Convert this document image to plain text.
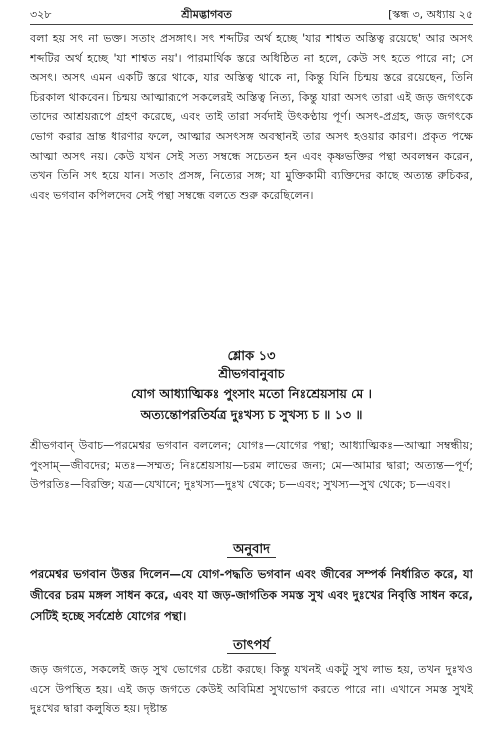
৩২৮	শ্রীমদ্ভাগবত	[স্কন্ধ ৩, অধ্যায় ২৫

বলা হয় সৎ না ভক্ত। সতাং প্রসঙ্গাৎ। সৎ শব্দটির অর্থ হচ্ছে 'যার শাশ্বত অস্তিত্ব রয়েছে' আর অসৎ শব্দটির অর্থ হচ্ছে 'যা শাশ্বত নয়'। পারমার্থিক স্তরে অধিষ্ঠিত না হলে, কেউ সৎ হতে পারে না; সে অসৎ। অসৎ এমন একটি স্তরে থাকে, যার অস্তিত্ব থাকে না, কিন্তু যিনি চিন্ময় স্তরে রয়েছেন, তিনি চিরকাল থাকবেন। চিন্ময় আত্মারূপে সকলেরই অস্তিত্ব নিত্য, কিন্তু যারা অসৎ তারা এই জড় জগৎকে তাদের আশ্রয়রূপে গ্রহণ করেছে, এবং তাই তারা সর্বদাই উৎকণ্ঠায় পূর্ণ। অসৎ-প্রগ্রহ, জড় জগৎকে ভোগ করার ভ্রান্ত ধারণার ফলে, আত্মার অসৎসঙ্গ অবস্থানই তার অসৎ হওয়ার কারণ। প্রকৃত পক্ষে আত্মা অসৎ নয়। কেউ যখন সেই সত্য সম্বন্ধে সচেতন হন এবং কৃষ্ণভক্তির পন্থা অবলম্বন করেন, তখন তিনি সৎ হয়ে যান। সতাং প্রসঙ্গ, নিত্যের সঙ্গ; যা মুক্তিকামী ব্যক্তিদের কাছে অত্যন্ত রুচিকর, এবং ভগবান কপিলদেব সেই পন্থা সম্বন্ধে বলতে শুরু করেছিলেন।

শ্লোক ১৩
শ্রীভগবানুবাচ
যোগ আধ্যাত্মিকঃ পুংসাং মতো নিঃশ্রেয়সায় মে ।
অত্যন্তোপরতির্যত্র দুঃখস্য চ সুখস্য চ ॥ ১৩ ॥

শ্রীভগবান্ উবাচ—পরমেশ্বর ভগবান বললেন; যোগঃ—যোগের পন্থা; আধ্যাত্মিকঃ—আত্মা সম্বন্ধীয়; পুংসাম্—জীবদের; মতঃ—সম্মত; নিঃশ্রেয়সায়—চরম লাভের জন্য; মে—আমার দ্বারা; অত্যন্ত—পূর্ণ; উপরতিঃ—বিরক্তি; যত্র—যেখানে; দুঃখস্য—দুঃখ থেকে; চ—এবং; সুখস্য—সুখ থেকে; চ—এবং।

অনুবাদ

পরমেশ্বর ভগবান উত্তর দিলেন—যে যোগ-পদ্ধতি ভগবান এবং জীবের সম্পর্ক নির্ধারিত করে, যা জীবের চরম মঙ্গল সাধন করে, এবং যা জড়-জাগতিক সমস্ত সুখ এবং দুঃখের নিবৃত্তি সাধন করে, সেটিই হচ্ছে সর্বশ্রেষ্ঠ যোগের পন্থা।

তাৎপর্য

জড় জগতে, সকলেই জড় সুখ ভোগের চেষ্টা করছে। কিন্তু যখনই একটু সুখ লাভ হয়, তখন দুঃখও এসে উপস্থিত হয়। এই জড় জগতে কেউই অবিমিশ্র সুখভোগ করতে পারে না। এখানে সমস্ত সুখই দুঃখের দ্বারা কলুষিত হয়। দৃষ্টান্ত
